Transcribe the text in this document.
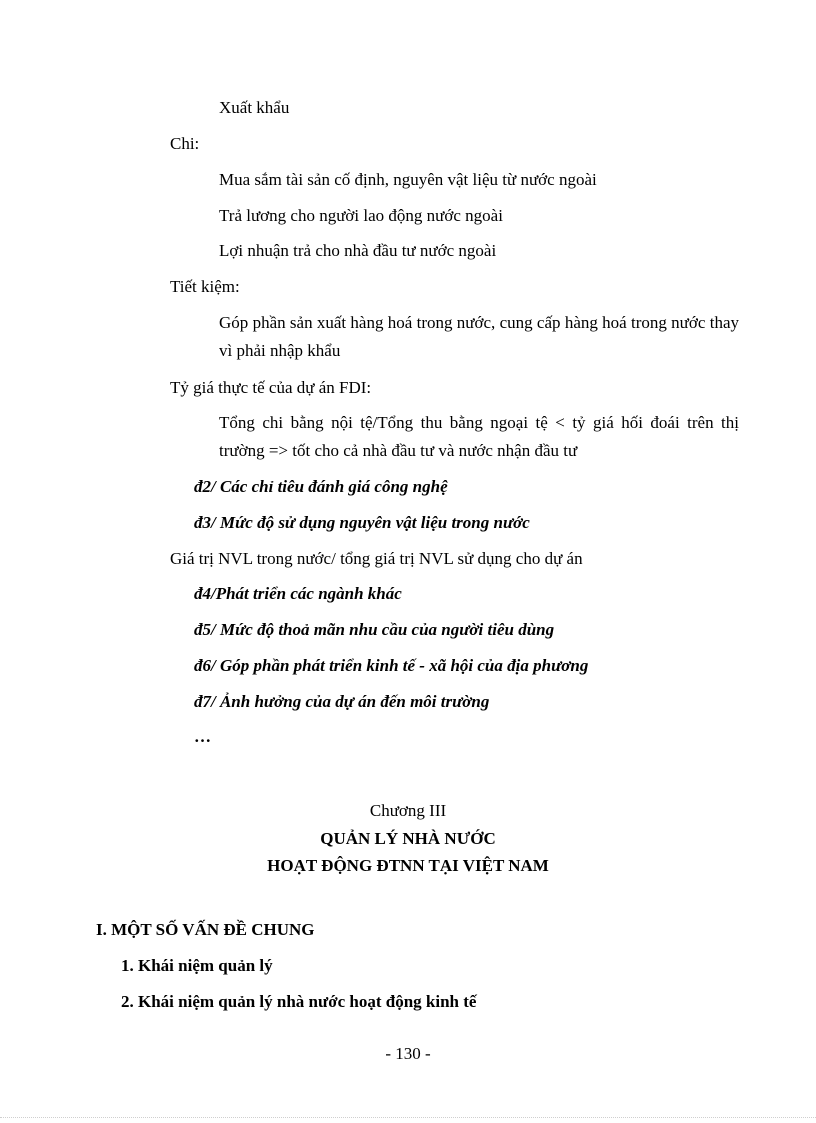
Xuất khẩu
Chi:
Mua sắm tài sản cố định, nguyên vật liệu từ nước ngoài
Trả lương cho người lao động nước ngoài
Lợi nhuận trả cho nhà đầu tư nước ngoài
Tiết kiệm:
Góp phần sản xuất hàng hoá trong nước, cung cấp hàng hoá trong nước thay vì phải nhập khẩu
Tỷ giá thực tế của dự án FDI:
Tổng chi bằng nội tệ/Tổng thu bằng ngoại tệ < tỷ giá hối đoái trên thị trường => tốt cho cả nhà đầu tư và nước nhận đầu tư
đ2/ Các chỉ tiêu đánh giá công nghệ
đ3/ Mức độ sử dụng nguyên vật liệu trong nước
Giá trị NVL trong nước/ tổng giá trị NVL sử dụng cho dự án
đ4/Phát triển các ngành khác
đ5/ Mức độ thoả mãn nhu cầu của người tiêu dùng
đ6/ Góp phần phát triển kinh tế - xã hội của địa phương
đ7/ Ảnh hưởng của dự án đến môi trường
…
Chương III
QUẢN LÝ NHÀ NƯỚC
HOẠT ĐỘNG ĐTNN TẠI VIỆT NAM
I. MỘT SỐ VẤN ĐỀ CHUNG
1. Khái niệm quản lý
2. Khái niệm quản lý nhà nước hoạt động kinh tế
- 130 -
